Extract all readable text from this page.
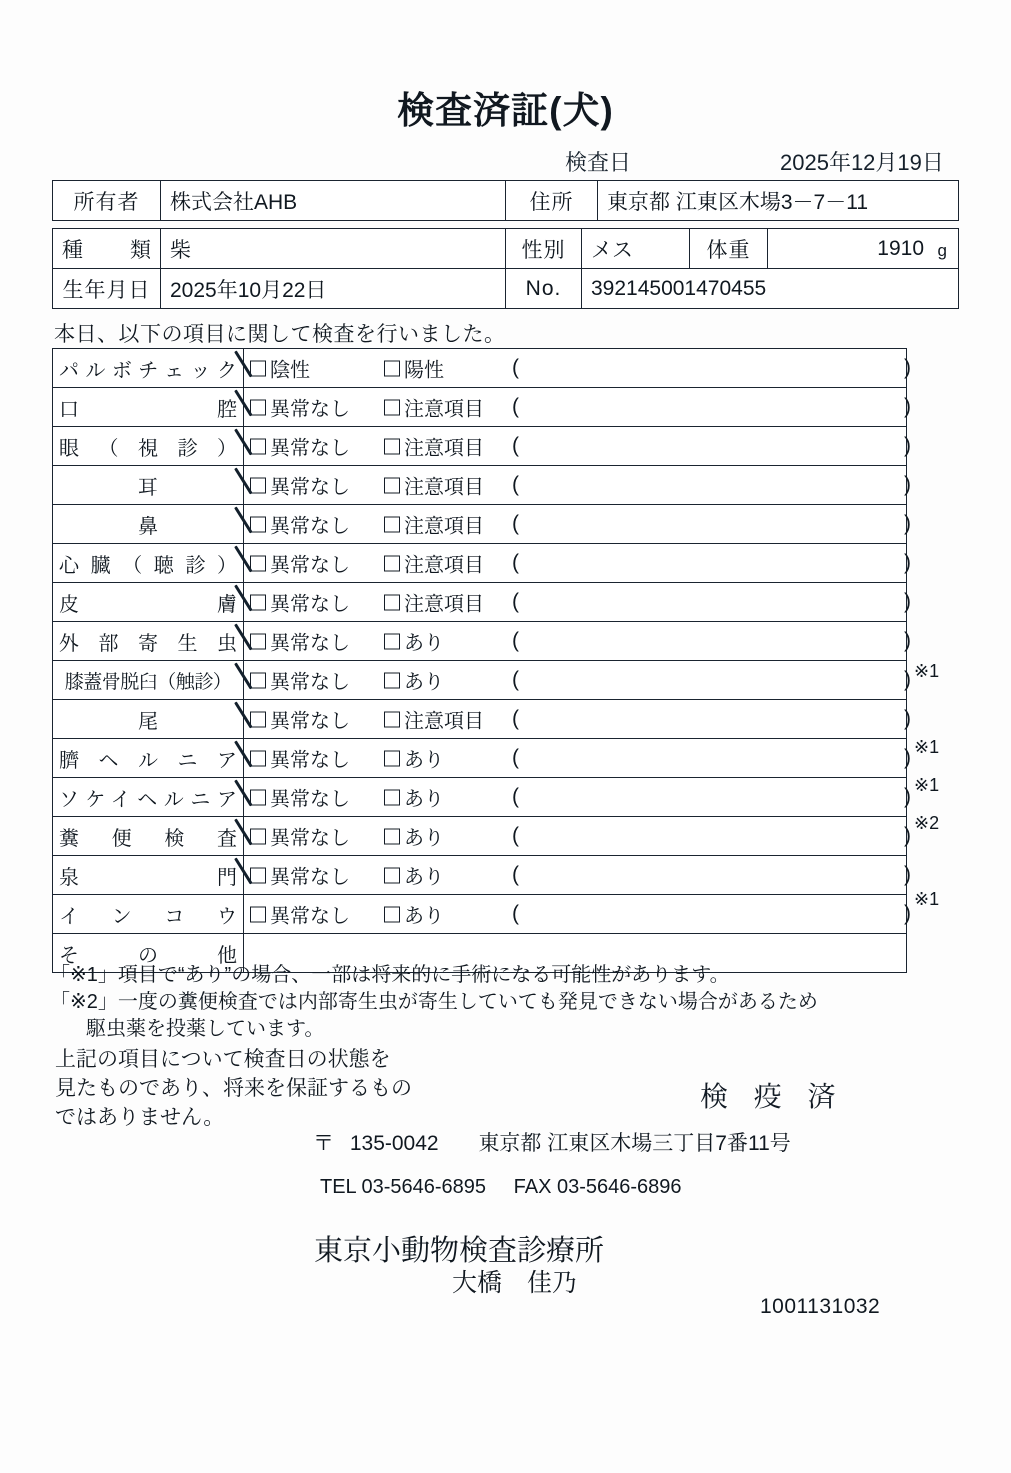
検査済証(犬)
検査日	2025年12月19日
所有者	株式会社AHB	住所	東京都 江東区木場3－7－11
種類	柴	性別	メス	体重	1910 g

生年月日	2025年10月22日	No.	392145001470455		
本日、以下の項目に関して検査を行いました。
パルボチェック	陰性 陽性 ( )

口腔	異常なし 注意項目 ( )

眼（視診）	異常なし 注意項目 ( )

耳	異常なし 注意項目 ( )

鼻	異常なし 注意項目 ( )

心臓（聴診）	異常なし 注意項目 ( )

皮膚	異常なし 注意項目 ( )

外部寄生虫	異常なし あり ( )

膝蓋骨脱臼（触診）	異常なし あり ( )

尾	異常なし 注意項目 ( )

臍ヘルニア	異常なし あり ( )

ソケイヘルニア	異常なし あり ( )

糞便検査	異常なし あり ( )

泉門	異常なし あり ( )

インコウ	異常なし あり ( )

その他	
※1
※1
※1
※2
※1
「※1」項目で“あり”の場合、一部は将来的に手術になる可能性があります。
「※2」一度の糞便検査では内部寄生虫が寄生していても発見できない場合があるため
駆虫薬を投薬しています。
上記の項目について検査日の状態を
見たものであり、将来を保証するもの
ではありません。
検 疫 済
〒 135-0042 東京都 江東区木場三丁目7番11号
TEL 03-5646-6895 FAX 03-5646-6896
東京小動物検査診療所
大橋　佳乃
1001131032
